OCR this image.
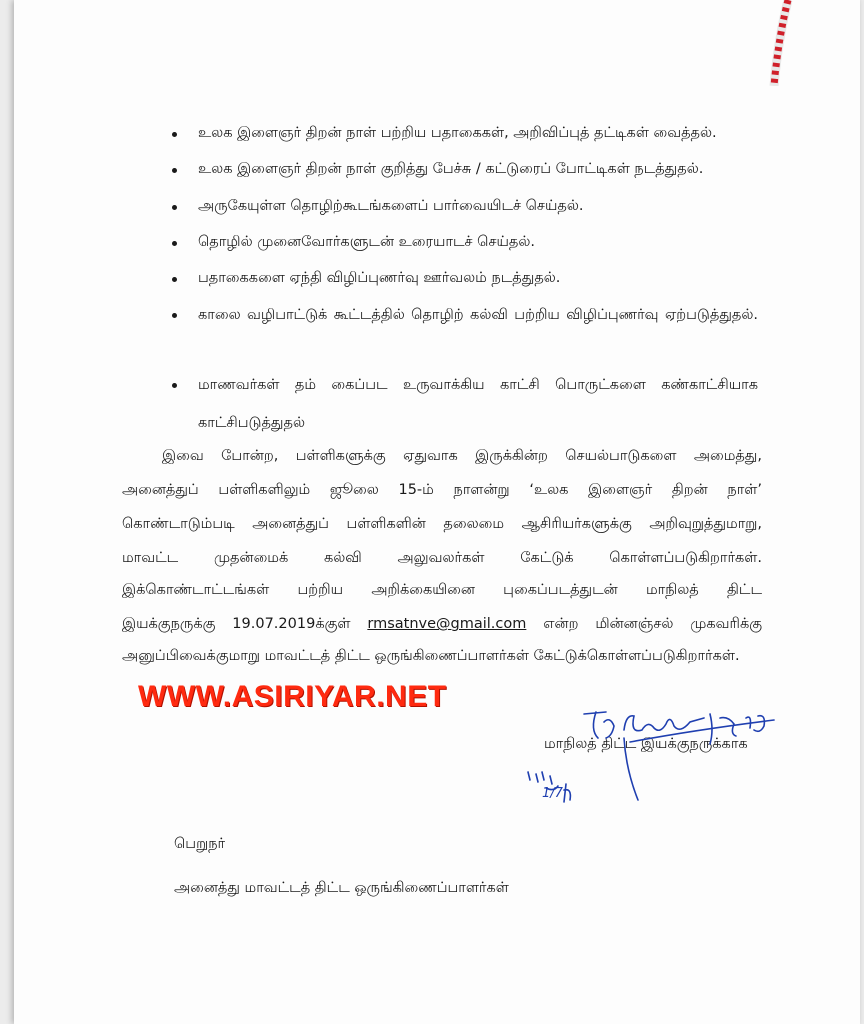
உலக இளைஞர் திறன் நாள் பற்றிய பதாகைகள், அறிவிப்புத் தட்டிகள் வைத்தல்.
உலக இளைஞர் திறன் நாள் குறித்து பேச்சு / கட்டுரைப் போட்டிகள் நடத்துதல்.
அருகேயுள்ள தொழிற்கூடங்களைப் பார்வையிடச் செய்தல்.
தொழில் முனைவோர்களுடன் உரையாடச் செய்தல்.
பதாகைகளை ஏந்தி விழிப்புணர்வு ஊர்வலம் நடத்துதல்.
காலை வழிபாட்டுக் கூட்டத்தில் தொழிற் கல்வி பற்றிய விழிப்புணர்வு ஏற்படுத்துதல்.
மாணவர்கள் தம் கைப்பட உருவாக்கிய காட்சி பொருட்களை கண்காட்சியாக காட்சிபடுத்துதல்
இவை போன்ற, பள்ளிகளுக்கு ஏதுவாக இருக்கின்ற செயல்பாடுகளை அமைத்து,
அனைத்துப் பள்ளிகளிலும் ஜூலை 15-ம் நாளன்று ‘உலக இளைஞர் திறன் நாள்’
கொண்டாடும்படி அனைத்துப் பள்ளிகளின் தலைமை ஆசிரியர்களுக்கு அறிவுறுத்துமாறு,
மாவட்ட முதன்மைக் கல்வி அலுவலர்கள் கேட்டுக் கொள்ளப்படுகிறார்கள்.
இக்கொண்டாட்டங்கள் பற்றிய அறிக்கையினை புகைப்படத்துடன் மாநிலத் திட்ட
இயக்குநருக்கு 19.07.2019க்குள் rmsatnve@gmail.com என்ற மின்னஞ்சல் முகவரிக்கு
அனுப்பிவைக்குமாறு மாவட்டத் திட்ட ஒருங்கிணைப்பாளர்கள் கேட்டுக்கொள்ளப்படுகிறார்கள்.
WWW.ASIRIYAR.NET
மாநிலத் திட்ட இயக்குநருக்காக
1/7
பெறுநர்
அனைத்து மாவட்டத் திட்ட ஒருங்கிணைப்பாளர்கள்
